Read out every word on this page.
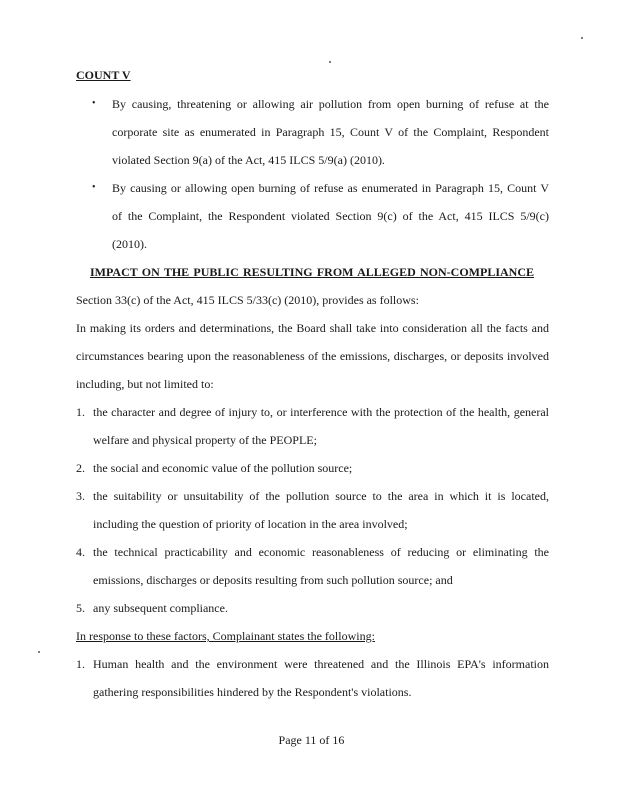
COUNT V
• By causing, threatening or allowing air pollution from open burning of refuse at the
corporate site as enumerated in Paragraph 15, Count V of the Complaint, Respondent
violated Section 9(a) of the Act, 415 ILCS 5/9(a) (2010).
• By causing or allowing open burning of refuse as enumerated in Paragraph 15, Count V
of the Complaint, the Respondent violated Section 9(c) of the Act, 415 ILCS 5/9(c)
(2010).
IMPACT ON THE PUBLIC RESULTING FROM ALLEGED NON-COMPLIANCE
Section 33(c) of the Act, 415 ILCS 5/33(c) (2010), provides as follows:
In making its orders and determinations, the Board shall take into consideration all the facts and
circumstances bearing upon the reasonableness of the emissions, discharges, or deposits involved
including, but not limited to:
1. the character and degree of injury to, or interference with the protection of the health, general
welfare and physical property of the PEOPLE;
2. the social and economic value of the pollution source;
3. the suitability or unsuitability of the pollution source to the area in which it is located,
including the question of priority of location in the area involved;
4. the technical practicability and economic reasonableness of reducing or eliminating the
emissions, discharges or deposits resulting from such pollution source; and
5. any subsequent compliance.
In response to these factors, Complainant states the following:
1. Human health and the environment were threatened and the Illinois EPA's information
gathering responsibilities hindered by the Respondent's violations.
Page 11 of 16
